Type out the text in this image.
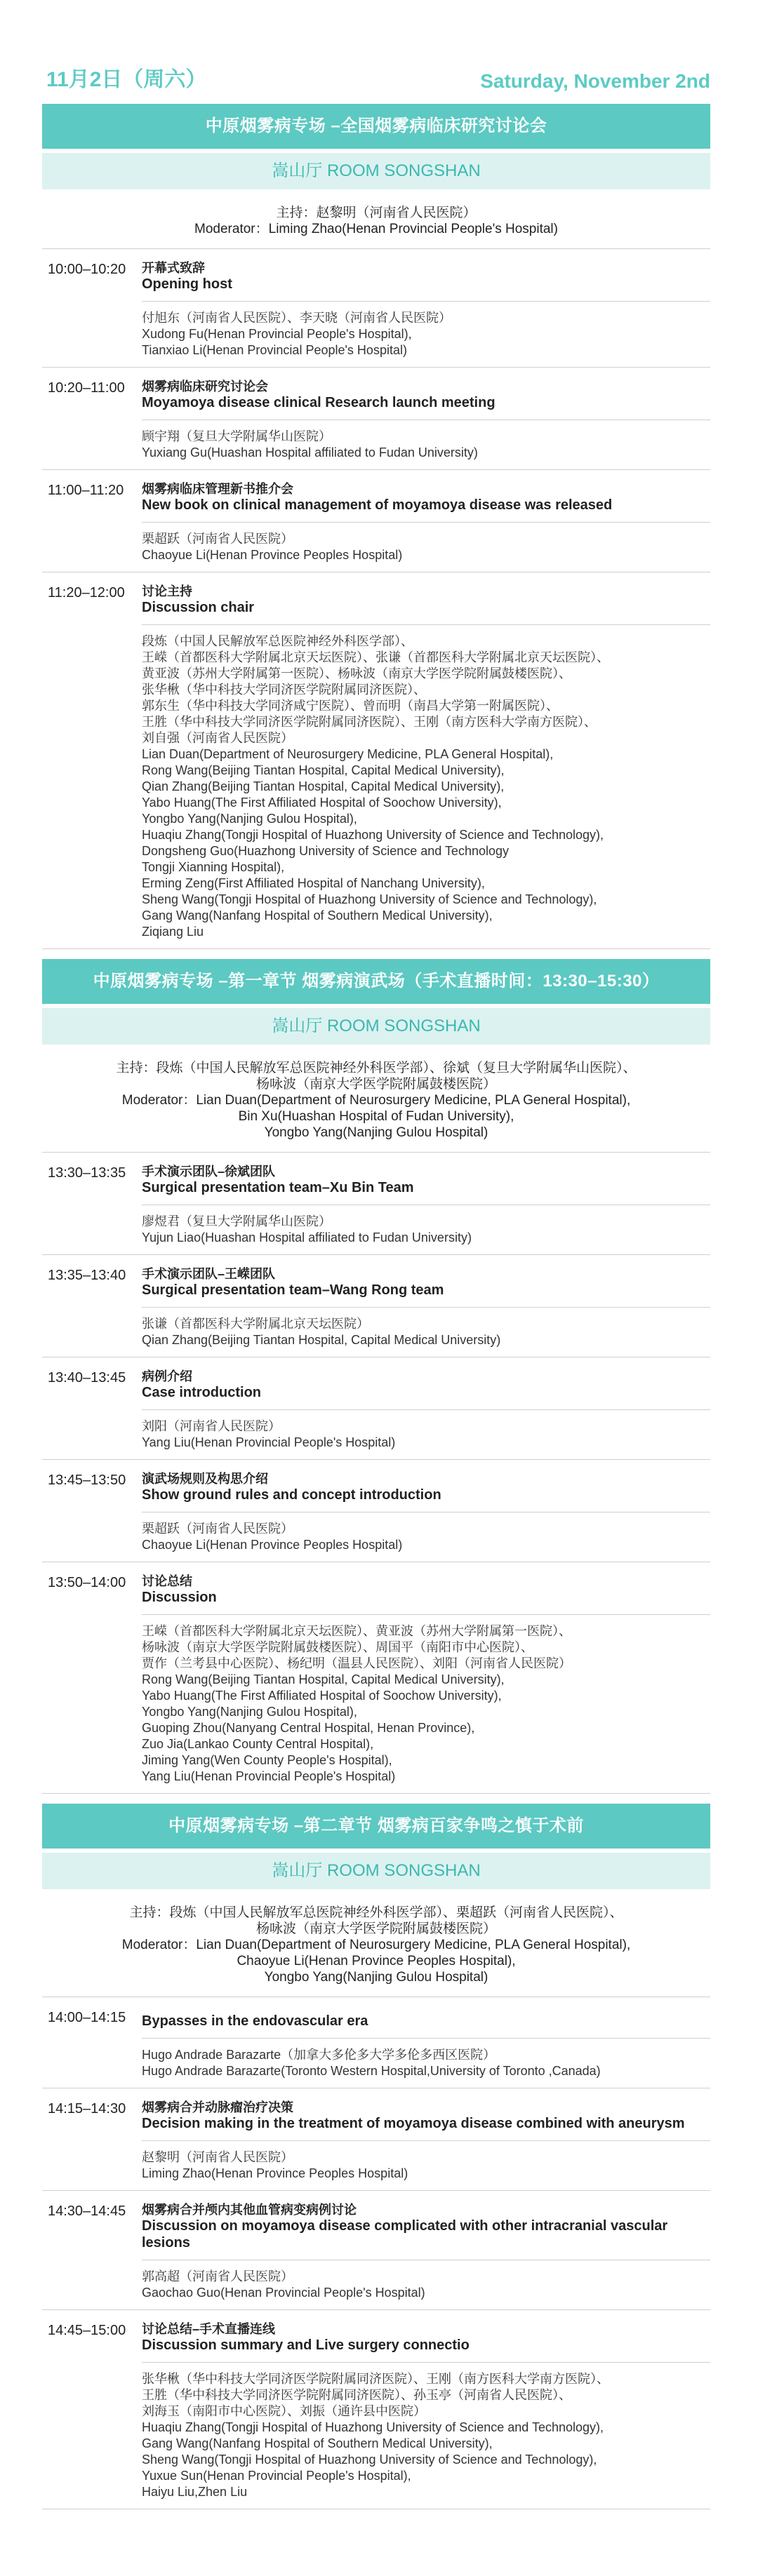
11月2日（周六）	Saturday, November 2nd
中原烟雾病专场 –全国烟雾病临床研究讨论会
嵩山厅 ROOM SONGSHAN
主持：赵黎明（河南省人民医院）
Moderator：Liming Zhao(Henan Provincial People's Hospital)
10:00–10:20	开幕式致辞
Opening host
付旭东（河南省人民医院）、李天晓（河南省人民医院）
Xudong Fu(Henan Provincial People's Hospital),
Tianxiao Li(Henan Provincial People's Hospital)
10:20–11:00	烟雾病临床研究讨论会
Moyamoya disease clinical Research launch meeting
顾宇翔（复旦大学附属华山医院）
Yuxiang Gu(Huashan Hospital affiliated to Fudan University)
11:00–11:20	烟雾病临床管理新书推介会
New book on clinical management of moyamoya disease was released
栗超跃（河南省人民医院）
Chaoyue Li(Henan Province Peoples Hospital)
11:20–12:00	讨论主持
Discussion chair
段炼（中国人民解放军总医院神经外科医学部）、
王嵘（首都医科大学附属北京天坛医院）、张谦（首都医科大学附属北京天坛医院）、
黄亚波（苏州大学附属第一医院）、杨咏波（南京大学医学院附属鼓楼医院）、
张华楸（华中科技大学同济医学院附属同济医院）、
郭东生（华中科技大学同济咸宁医院）、曾而明（南昌大学第一附属医院）、
王胜（华中科技大学同济医学院附属同济医院）、王刚（南方医科大学南方医院）、
刘自强（河南省人民医院）
Lian Duan(Department of Neurosurgery Medicine, PLA General Hospital),
Rong Wang(Beijing Tiantan Hospital, Capital Medical University),
Qian Zhang(Beijing Tiantan Hospital, Capital Medical University),
Yabo Huang(The First Affiliated Hospital of Soochow University),
Yongbo Yang(Nanjing Gulou Hospital),
Huaqiu Zhang(Tongji Hospital of Huazhong University of Science and Technology),
Dongsheng Guo(Huazhong University of Science and Technology
Tongji Xianning Hospital),
Erming Zeng(First Affiliated Hospital of Nanchang University),
Sheng Wang(Tongji Hospital of Huazhong University of Science and Technology),
Gang Wang(Nanfang Hospital of Southern Medical University),
Ziqiang Liu
中原烟雾病专场 –第一章节 烟雾病演武场（手术直播时间：13:30–15:30）
嵩山厅 ROOM SONGSHAN
主持：段炼（中国人民解放军总医院神经外科医学部）、徐斌（复旦大学附属华山医院）、
杨咏波（南京大学医学院附属鼓楼医院）
Moderator：Lian Duan(Department of Neurosurgery Medicine, PLA General Hospital),
Bin Xu(Huashan Hospital of Fudan University),
Yongbo Yang(Nanjing Gulou Hospital)
13:30–13:35	手术演示团队–徐斌团队
Surgical presentation team–Xu Bin Team
廖煜君（复旦大学附属华山医院）
Yujun Liao(Huashan Hospital affiliated to Fudan University)
13:35–13:40	手术演示团队–王嵘团队
Surgical presentation team–Wang Rong team
张谦（首都医科大学附属北京天坛医院）
Qian Zhang(Beijing Tiantan Hospital, Capital Medical University)
13:40–13:45	病例介绍
Case introduction
刘阳（河南省人民医院）
Yang Liu(Henan Provincial People's Hospital)
13:45–13:50	演武场规则及构思介绍
Show ground rules and concept introduction
栗超跃（河南省人民医院）
Chaoyue Li(Henan Province Peoples Hospital)
13:50–14:00	讨论总结
Discussion
王嵘（首都医科大学附属北京天坛医院）、黄亚波（苏州大学附属第一医院）、
杨咏波（南京大学医学院附属鼓楼医院）、周国平（南阳市中心医院）、
贾作（兰考县中心医院）、杨纪明（温县人民医院）、刘阳（河南省人民医院）
Rong Wang(Beijing Tiantan Hospital, Capital Medical University),
Yabo Huang(The First Affiliated Hospital of Soochow University),
Yongbo Yang(Nanjing Gulou Hospital),
Guoping Zhou(Nanyang Central Hospital, Henan Province),
Zuo Jia(Lankao County Central Hospital),
Jiming Yang(Wen County People's Hospital),
Yang Liu(Henan Provincial People's Hospital)
中原烟雾病专场 –第二章节 烟雾病百家争鸣之慎于术前
嵩山厅 ROOM SONGSHAN
主持：段炼（中国人民解放军总医院神经外科医学部）、栗超跃（河南省人民医院）、
杨咏波（南京大学医学院附属鼓楼医院）
Moderator：Lian Duan(Department of Neurosurgery Medicine, PLA General Hospital),
Chaoyue Li(Henan Province Peoples Hospital),
Yongbo Yang(Nanjing Gulou Hospital)
14:00–14:15	Bypasses in the endovascular era
Hugo Andrade Barazarte（加拿大多伦多大学多伦多西区医院）
Hugo Andrade Barazarte(Toronto Western Hospital,University of Toronto ,Canada)
14:15–14:30	烟雾病合并动脉瘤治疗决策
Decision making in the treatment of moyamoya disease combined with aneurysm
赵黎明（河南省人民医院）
Liming Zhao(Henan Province Peoples Hospital)
14:30–14:45	烟雾病合并颅内其他血管病变病例讨论
Discussion on moyamoya disease complicated with other intracranial vascular lesions
郭高超（河南省人民医院）
Gaochao Guo(Henan Provincial People's Hospital)
14:45–15:00	讨论总结–手术直播连线
Discussion summary and Live surgery connectio
张华楸（华中科技大学同济医学院附属同济医院）、王刚（南方医科大学南方医院）、
王胜（华中科技大学同济医学院附属同济医院）、孙玉亭（河南省人民医院）、
刘海玉（南阳市中心医院）、刘振（通许县中医院）
Huaqiu Zhang(Tongji Hospital of Huazhong University of Science and Technology),
Gang Wang(Nanfang Hospital of Southern Medical University),
Sheng Wang(Tongji Hospital of Huazhong University of Science and Technology),
Yuxue Sun(Henan Provincial People's Hospital),
Haiyu Liu,Zhen Liu
